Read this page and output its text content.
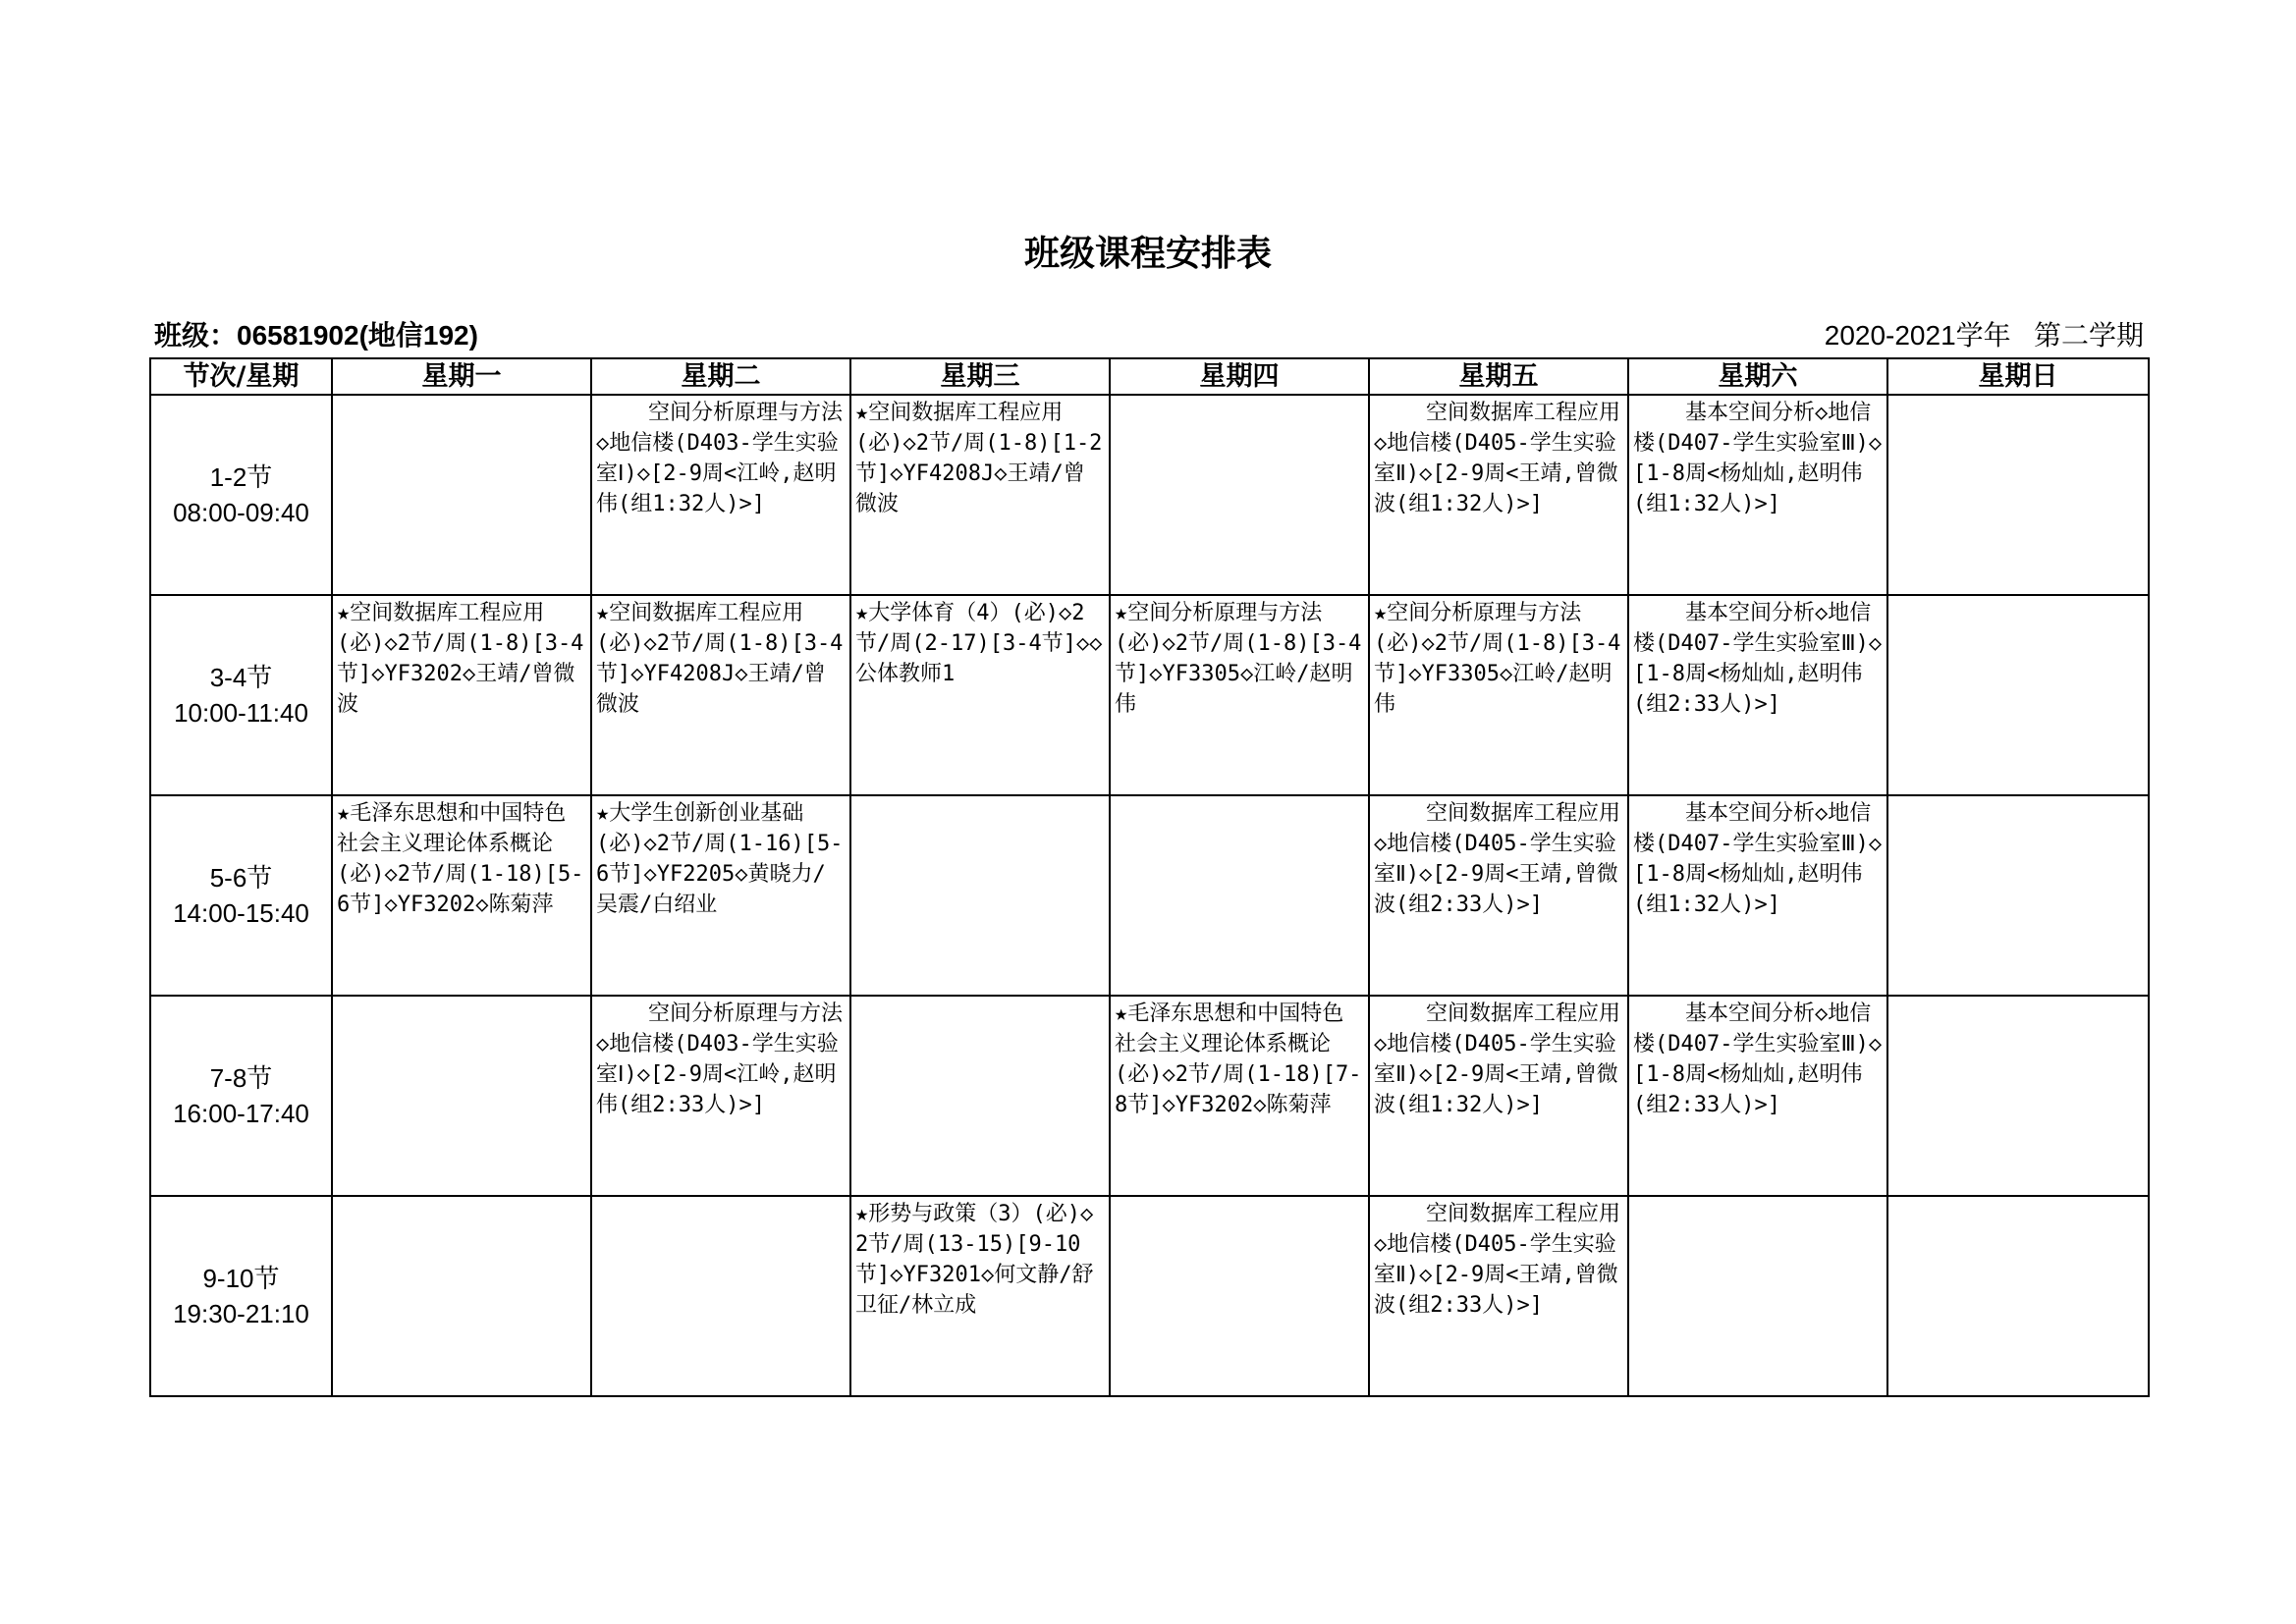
班级课程安排表
班级：06581902(地信192)	2020-2021学年   第二学期
节次/星期	星期一	星期二	星期三	星期四	星期五	星期六	星期日

1-2节
08:00-09:40		空间分析原理与方法◇地信楼(D403-学生实验室Ⅰ)◇[2-9周<江岭,赵明伟(组1:32人)>]	★空间数据库工程应用(必)◇2节/周(1-8)[1-2节]◇YF4208J◇王靖/曾微波		空间数据库工程应用◇地信楼(D405-学生实验室Ⅱ)◇[2-9周<王靖,曾微波(组1:32人)>]	基本空间分析◇地信楼(D407-学生实验室Ⅲ)◇[1-8周<杨灿灿,赵明伟(组1:32人)>]	

3-4节
10:00-11:40	★空间数据库工程应用(必)◇2节/周(1-8)[3-4节]◇YF3202◇王靖/曾微波	★空间数据库工程应用(必)◇2节/周(1-8)[3-4节]◇YF4208J◇王靖/曾微波	★大学体育（4）(必)◇2节/周(2-17)[3-4节]◇◇公体教师1	★空间分析原理与方法(必)◇2节/周(1-8)[3-4节]◇YF3305◇江岭/赵明伟	★空间分析原理与方法(必)◇2节/周(1-8)[3-4节]◇YF3305◇江岭/赵明伟	基本空间分析◇地信楼(D407-学生实验室Ⅲ)◇[1-8周<杨灿灿,赵明伟(组2:33人)>]	

5-6节
14:00-15:40	★毛泽东思想和中国特色社会主义理论体系概论(必)◇2节/周(1-18)[5-6节]◇YF3202◇陈菊萍	★大学生创新创业基础(必)◇2节/周(1-16)[5-6节]◇YF2205◇黄晓力/吴震/白绍业			空间数据库工程应用◇地信楼(D405-学生实验室Ⅱ)◇[2-9周<王靖,曾微波(组2:33人)>]	基本空间分析◇地信楼(D407-学生实验室Ⅲ)◇[1-8周<杨灿灿,赵明伟(组1:32人)>]	

7-8节
16:00-17:40		空间分析原理与方法◇地信楼(D403-学生实验室Ⅰ)◇[2-9周<江岭,赵明伟(组2:33人)>]		★毛泽东思想和中国特色社会主义理论体系概论(必)◇2节/周(1-18)[7-8节]◇YF3202◇陈菊萍	空间数据库工程应用◇地信楼(D405-学生实验室Ⅱ)◇[2-9周<王靖,曾微波(组1:32人)>]	基本空间分析◇地信楼(D407-学生实验室Ⅲ)◇[1-8周<杨灿灿,赵明伟(组2:33人)>]	

9-10节
19:30-21:10			★形势与政策（3）(必)◇2节/周(13-15)[9-10节]◇YF3201◇何文静/舒卫征/林立成		空间数据库工程应用◇地信楼(D405-学生实验室Ⅱ)◇[2-9周<王靖,曾微波(组2:33人)>]		
